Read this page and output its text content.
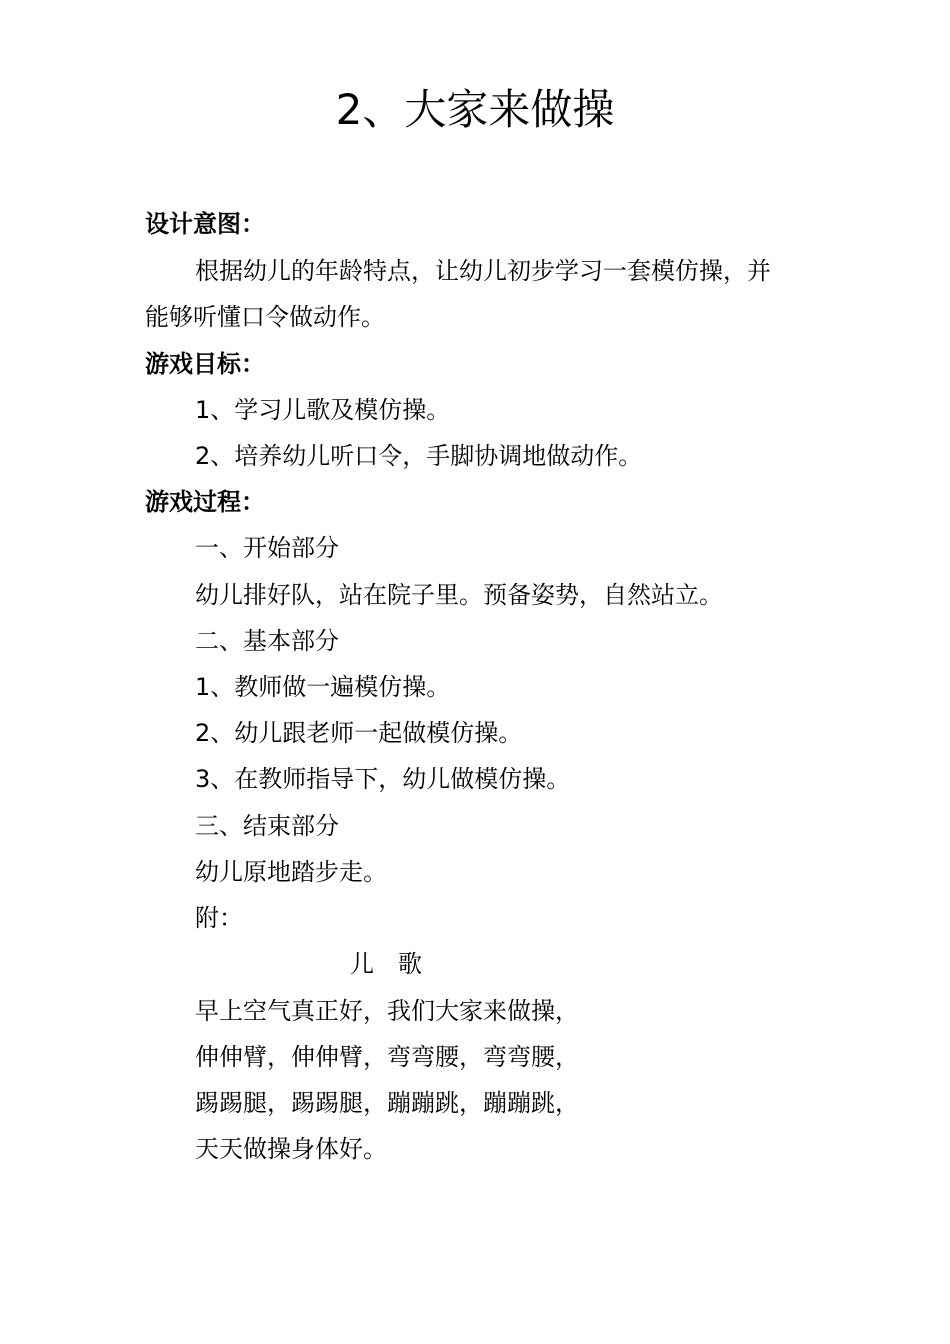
2、大家来做操

设计意图：

根据幼儿的年龄特点，让幼儿初步学习一套模仿操，并

能够听懂口令做动作。

游戏目标：

1、学习儿歌及模仿操。

2、培养幼儿听口令，手脚协调地做动作。

游戏过程：

一、开始部分

幼儿排好队，站在院子里。预备姿势，自然站立。

二、基本部分

1、教师做一遍模仿操。

2、幼儿跟老师一起做模仿操。

3、在教师指导下，幼儿做模仿操。

三、结束部分

幼儿原地踏步走。

附：

儿　歌

早上空气真正好，我们大家来做操，

伸伸臂，伸伸臂，弯弯腰，弯弯腰，

踢踢腿，踢踢腿，蹦蹦跳，蹦蹦跳，

天天做操身体好。
